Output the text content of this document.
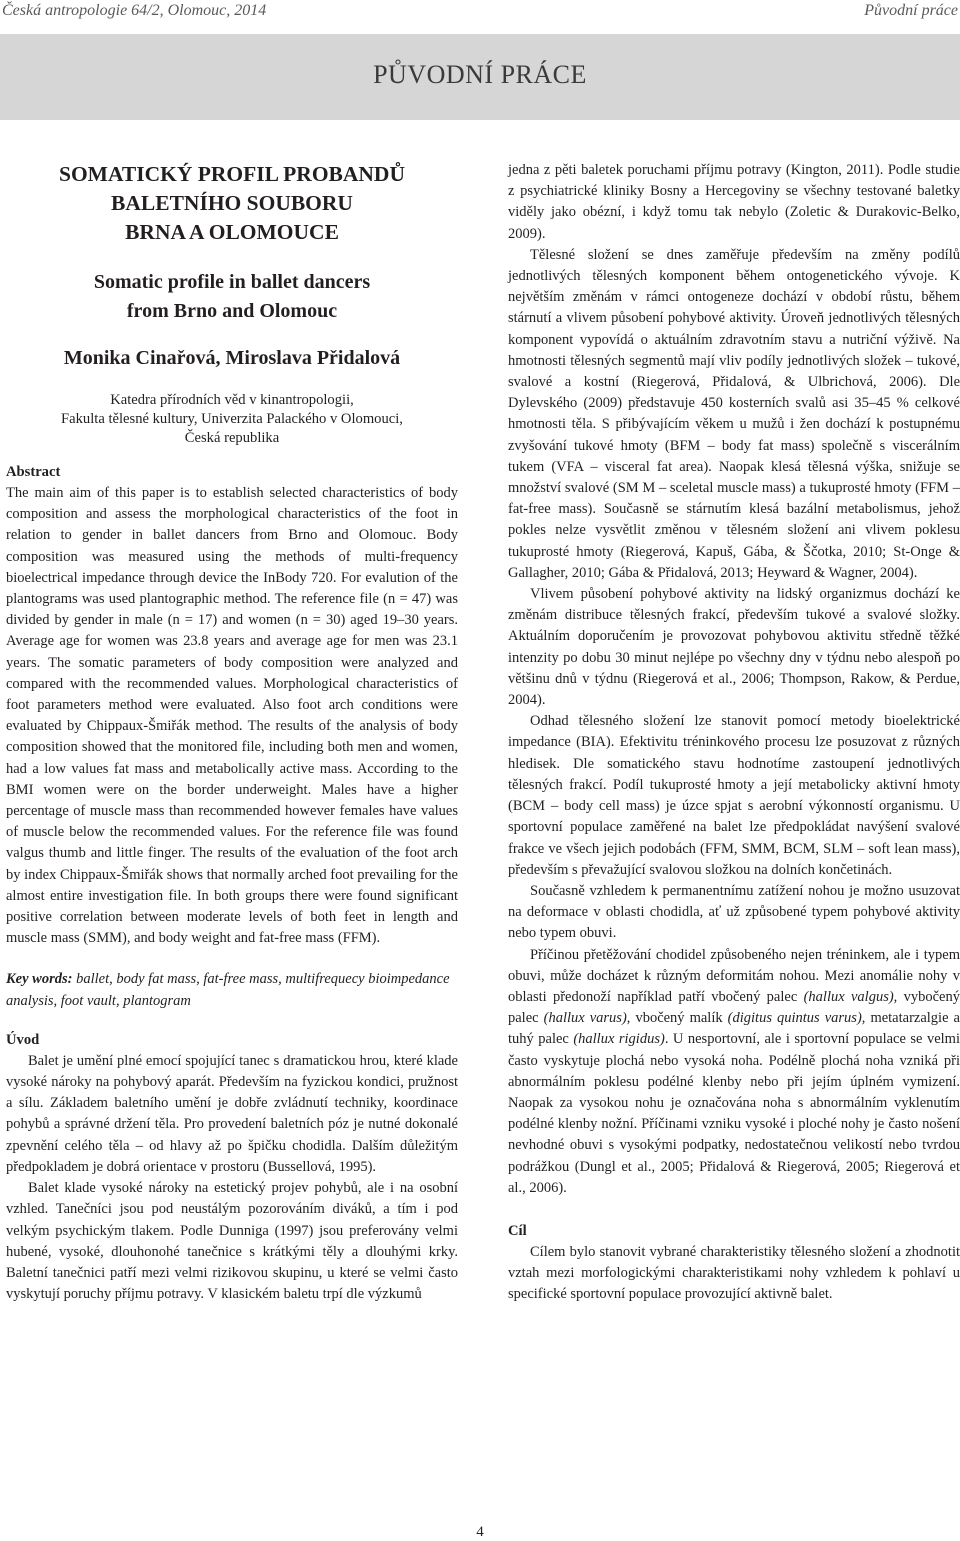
Česká antropologie 64/2, Olomouc, 2014	Původní práce
PŮVODNÍ PRÁCE
SOMATICKÝ PROFIL PROBANDŮ
BALETNÍHO SOUBORU
BRNA A OLOMOUCE
Somatic profile in ballet dancers
from Brno and Olomouc
Monika Cinařová, Miroslava Přidalová
Katedra přírodních věd v kinantropologii,
Fakulta tělesné kultury, Univerzita Palackého v Olomouci,
Česká republika
Abstract

The main aim of this paper is to establish selected characteristics of body composition and assess the morphological characteristics of the foot in relation to gender in ballet dancers from Brno and Olomouc. Body composition was measured using the methods of multi-frequency bioelectrical impedance through device the InBody 720. For evalution of the plantograms was used plantographic method. The reference file (n = 47) was divided by gender in male (n = 17) and women (n = 30) aged 19–30 years. Average age for women was 23.8 years and average age for men was 23.1 years. The somatic parameters of body composition were analyzed and compared with the recommended values. Morphological characteristics of foot parameters method were evaluated. Also foot arch conditions were evaluated by Chippaux-Šmiřák method. The results of the analysis of body composition showed that the monitored file, including both men and women, had a low values fat mass and metabolically active mass. According to the BMI women were on the border underweight. Males have a higher percentage of muscle mass than recommended however females have values of muscle below the recommended values. For the reference file was found valgus thumb and little finger. The results of the evaluation of the foot arch by index Chippaux-Šmiřák shows that normally arched foot prevailing for the almost entire investigation file. In both groups there were found significant positive correlation between moderate levels of both feet in length and muscle mass (SMM), and body weight and fat-free mass (FFM).

Key words: ballet, body fat mass, fat-free mass, multifrequecy bioimpedance analysis, foot vault, plantogram

Úvod

Balet je umění plné emocí spojující tanec s dramatickou hrou, které klade vysoké nároky na pohybový aparát. Především na fyzickou kondici, pružnost a sílu. Základem baletního umění je dobře zvládnutí techniky, koordinace pohybů a správné držení těla. Pro provedení baletních póz je nutné dokonalé zpevnění celého těla – od hlavy až po špičku chodidla. Dalším důležitým předpokladem je dobrá orientace v prostoru (Bussellová, 1995).

Balet klade vysoké nároky na estetický projev pohybů, ale i na osobní vzhled. Tanečníci jsou pod neustálým pozorováním diváků, a tím i pod velkým psychickým tlakem. Podle Dunniga (1997) jsou preferovány velmi hubené, vysoké, dlouhonohé tanečnice s krátkými těly a dlouhými krky. Baletní tanečnici patří mezi velmi rizikovou skupinu, u které se velmi často vyskytují poruchy příjmu potravy. V klasickém baletu trpí dle výzkumů

jedna z pěti baletek poruchami příjmu potravy (Kington, 2011). Podle studie z psychiatrické kliniky Bosny a Hercegoviny se všechny testované baletky viděly jako obézní, i když tomu tak nebylo (Zoletic & Durakovic-Belko, 2009).

Tělesné složení se dnes zaměřuje především na změny podílů jednotlivých tělesných komponent během ontogenetického vývoje. K největším změnám v rámci ontogeneze dochází v období růstu, během stárnutí a vlivem působení pohybové aktivity. Úroveň jednotlivých tělesných komponent vypovídá o aktuálním zdravotním stavu a nutriční výživě. Na hmotnosti tělesných segmentů mají vliv podíly jednotlivých složek – tukové, svalové a kostní (Riegerová, Přidalová, & Ulbrichová, 2006). Dle Dylevského (2009) představuje 450 kosterních svalů asi 35–45 % celkové hmotnosti těla. S přibývajícím věkem u mužů i žen dochází k postupnému zvyšování tukové hmoty (BFM – body fat mass) společně s viscerálním tukem (VFA – visceral fat area). Naopak klesá tělesná výška, snižuje se množství svalové (SM M – sceletal muscle mass) a tukuprosté hmoty (FFM – fat-free mass). Současně se stárnutím klesá bazální metabolismus, jehož pokles nelze vysvětlit změnou v tělesném složení ani vlivem poklesu tukuprosté hmoty (Riegerová, Kapuš, Gába, & Ščotka, 2010; St-Onge & Gallagher, 2010; Gába & Přidalová, 2013; Heyward & Wagner, 2004).

Vlivem působení pohybové aktivity na lidský organizmus dochází ke změnám distribuce tělesných frakcí, především tukové a svalové složky. Aktuálním doporučením je provozovat pohybovou aktivitu středně těžké intenzity po dobu 30 minut nejlépe po všechny dny v týdnu nebo alespoň po většinu dnů v týdnu (Riegerová et al., 2006; Thompson, Rakow, & Perdue, 2004).

Odhad tělesného složení lze stanovit pomocí metody bioelektrické impedance (BIA). Efektivitu tréninkového procesu lze posuzovat z různých hledisek. Dle somatického stavu hodnotíme zastoupení jednotlivých tělesných frakcí. Podíl tukuprosté hmoty a její metabolicky aktivní hmoty (BCM – body cell mass) je úzce spjat s aerobní výkonností organismu. U sportovní populace zaměřené na balet lze předpokládat navýšení svalové frakce ve všech jejich podobách (FFM, SMM, BCM, SLM – soft lean mass), především s převažující svalovou složkou na dolních končetinách.

Současně vzhledem k permanentnímu zatížení nohou je možno usuzovat na deformace v oblasti chodidla, ať už způsobené typem pohybové aktivity nebo typem obuvi.

Příčinou přetěžování chodidel způsobeného nejen tréninkem, ale i typem obuvi, může docházet k různým deformitám nohou. Mezi anomálie nohy v oblasti předonoží například patří vbočený palec (hallux valgus), vybočený palec (hallux varus), vbočený malík (digitus quintus varus), metatarzalgie a tuhý palec (hallux rigidus). U nesportovní, ale i sportovní populace se velmi často vyskytuje plochá nebo vysoká noha. Podélně plochá noha vzniká při abnormálním poklesu podélné klenby nebo při jejím úplném vymizení. Naopak za vysokou nohu je označována noha s abnormálním vyklenutím podélné klenby nožní. Příčinami vzniku vysoké i ploché nohy je často nošení nevhodné obuvi s vysokými podpatky, nedostatečnou velikostí nebo tvrdou podrážkou (Dungl et al., 2005; Přidalová & Riegerová, 2005; Riegerová et al., 2006).

Cíl

Cílem bylo stanovit vybrané charakteristiky tělesného složení a zhodnotit vztah mezi morfologickými charakteristikami nohy vzhledem k pohlaví u specifické sportovní populace provozující aktivně balet.

4
